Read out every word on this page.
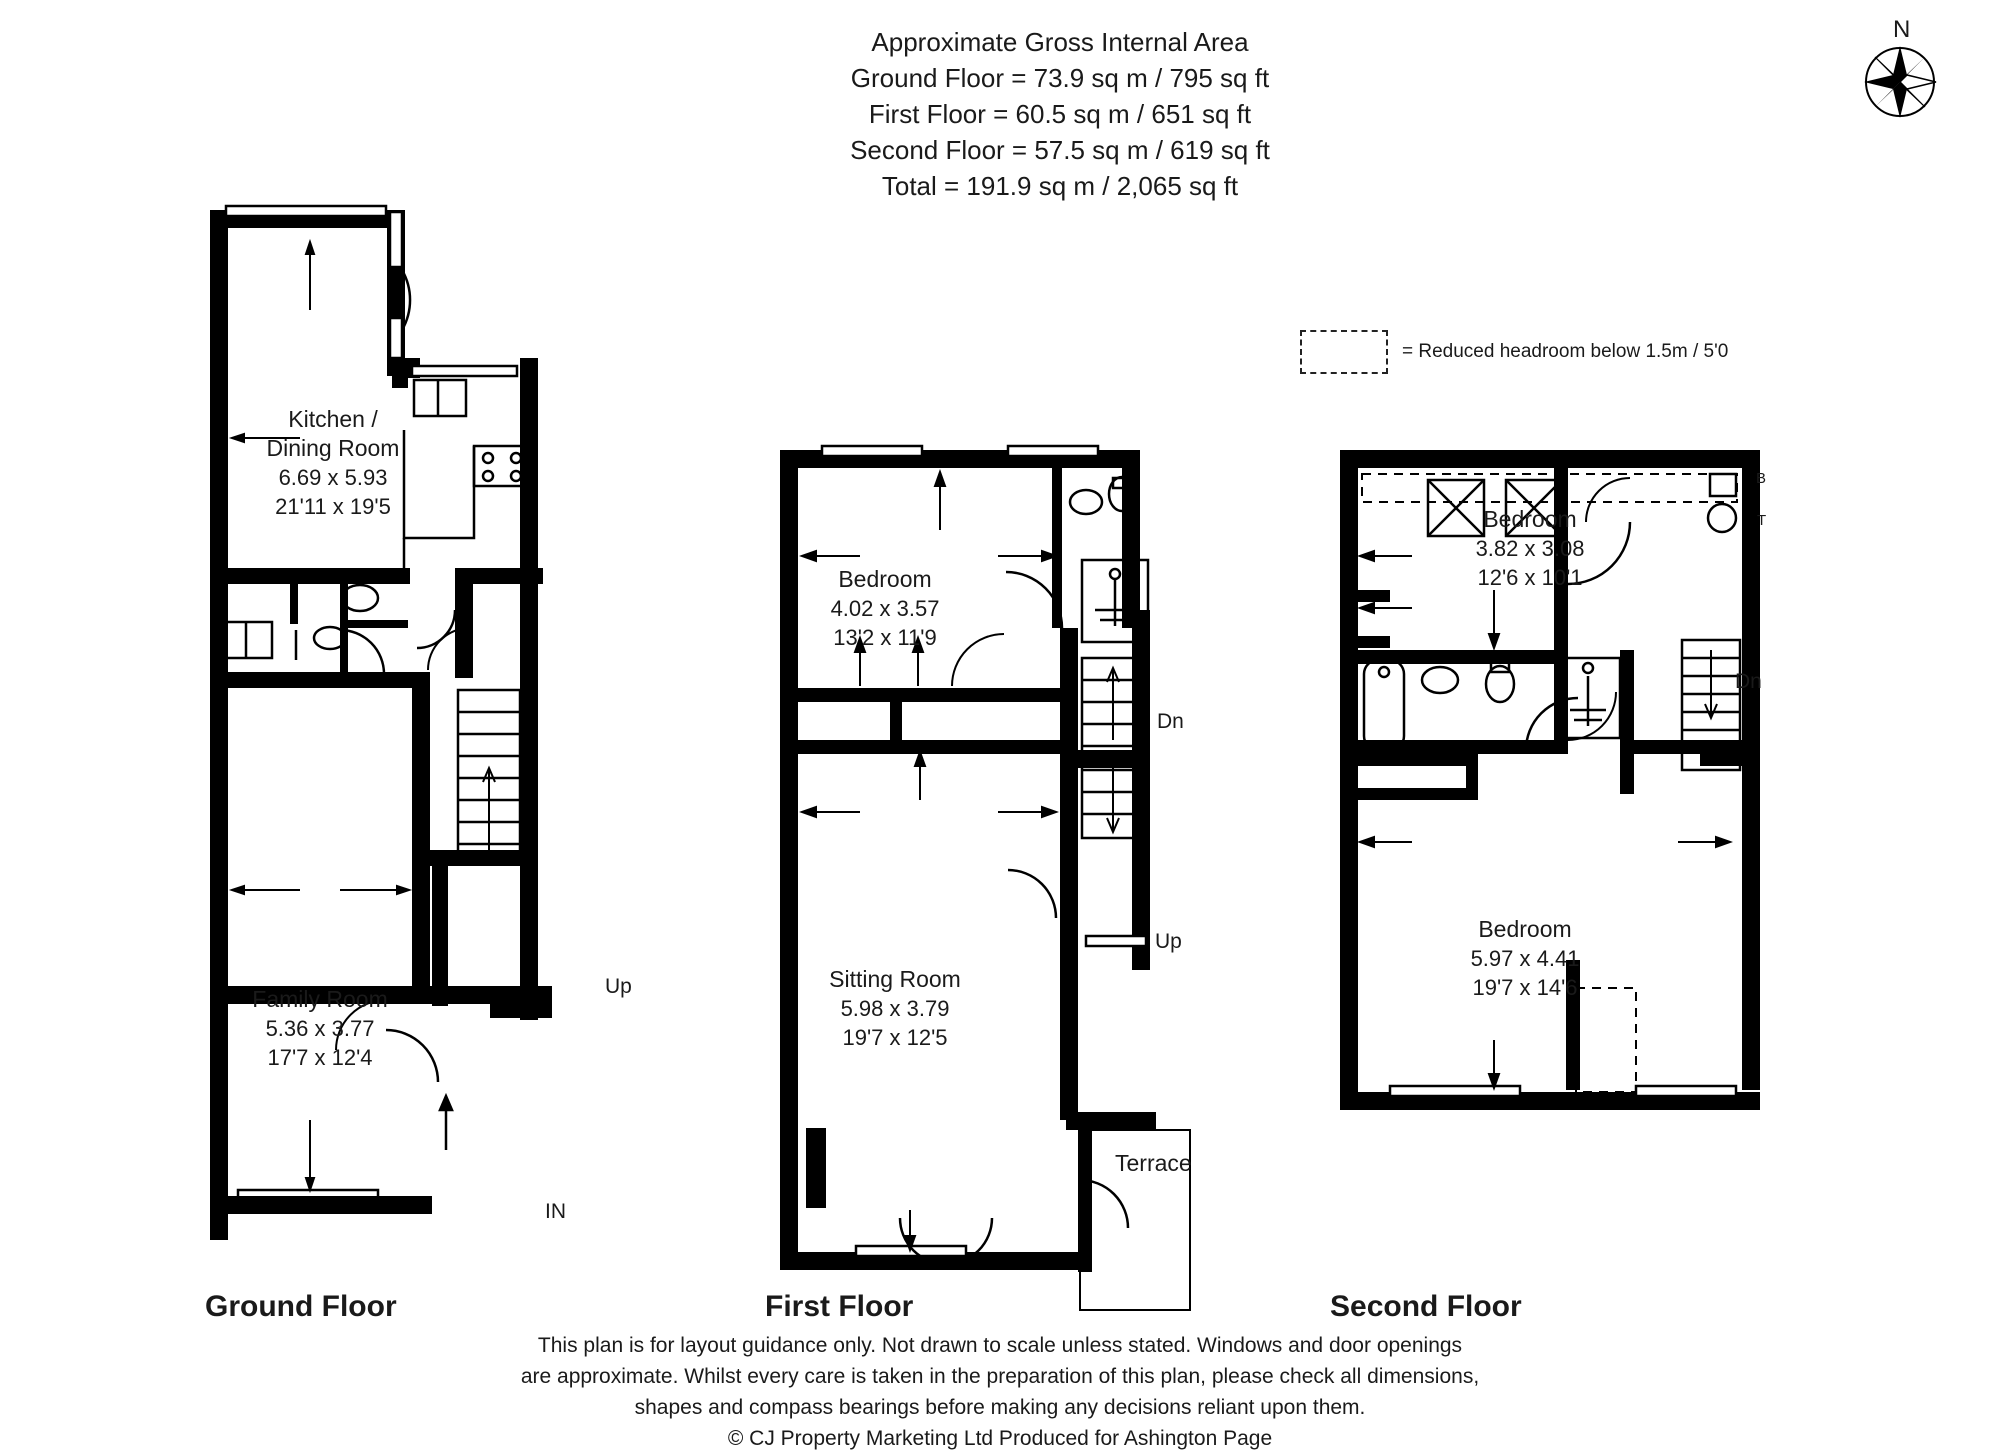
Approximate Gross Internal Area
Ground Floor = 73.9 sq m / 795 sq ft
First Floor = 60.5 sq m / 651 sq ft
Second Floor = 57.5 sq m / 619 sq ft
Total = 191.9 sq m / 2,065 sq ft
N
= Reduced headroom below 1.5m / 5'0
Kitchen /
Dining Room
6.69 x 5.93
21'11 x 19'5
Family Room
5.36 x 3.77
17'7 x 12'4
Up
IN
Ground Floor
Bedroom
4.02 x 3.57
13'2 x 11'9
Sitting Room
5.98 x 3.79
19'7 x 12'5
Dn
Up
Terrace
First Floor
Bedroom
3.82 x 3.08
12'6 x 10'1
Bedroom
5.97 x 4.41
19'7 x 14'6
Dn
B
T
Second Floor
This plan is for layout guidance only. Not drawn to scale unless stated. Windows and door openings
are approximate. Whilst every care is taken in the preparation of this plan, please check all dimensions,
shapes and compass bearings before making any decisions reliant upon them.
© CJ Property Marketing Ltd Produced for Ashington Page
